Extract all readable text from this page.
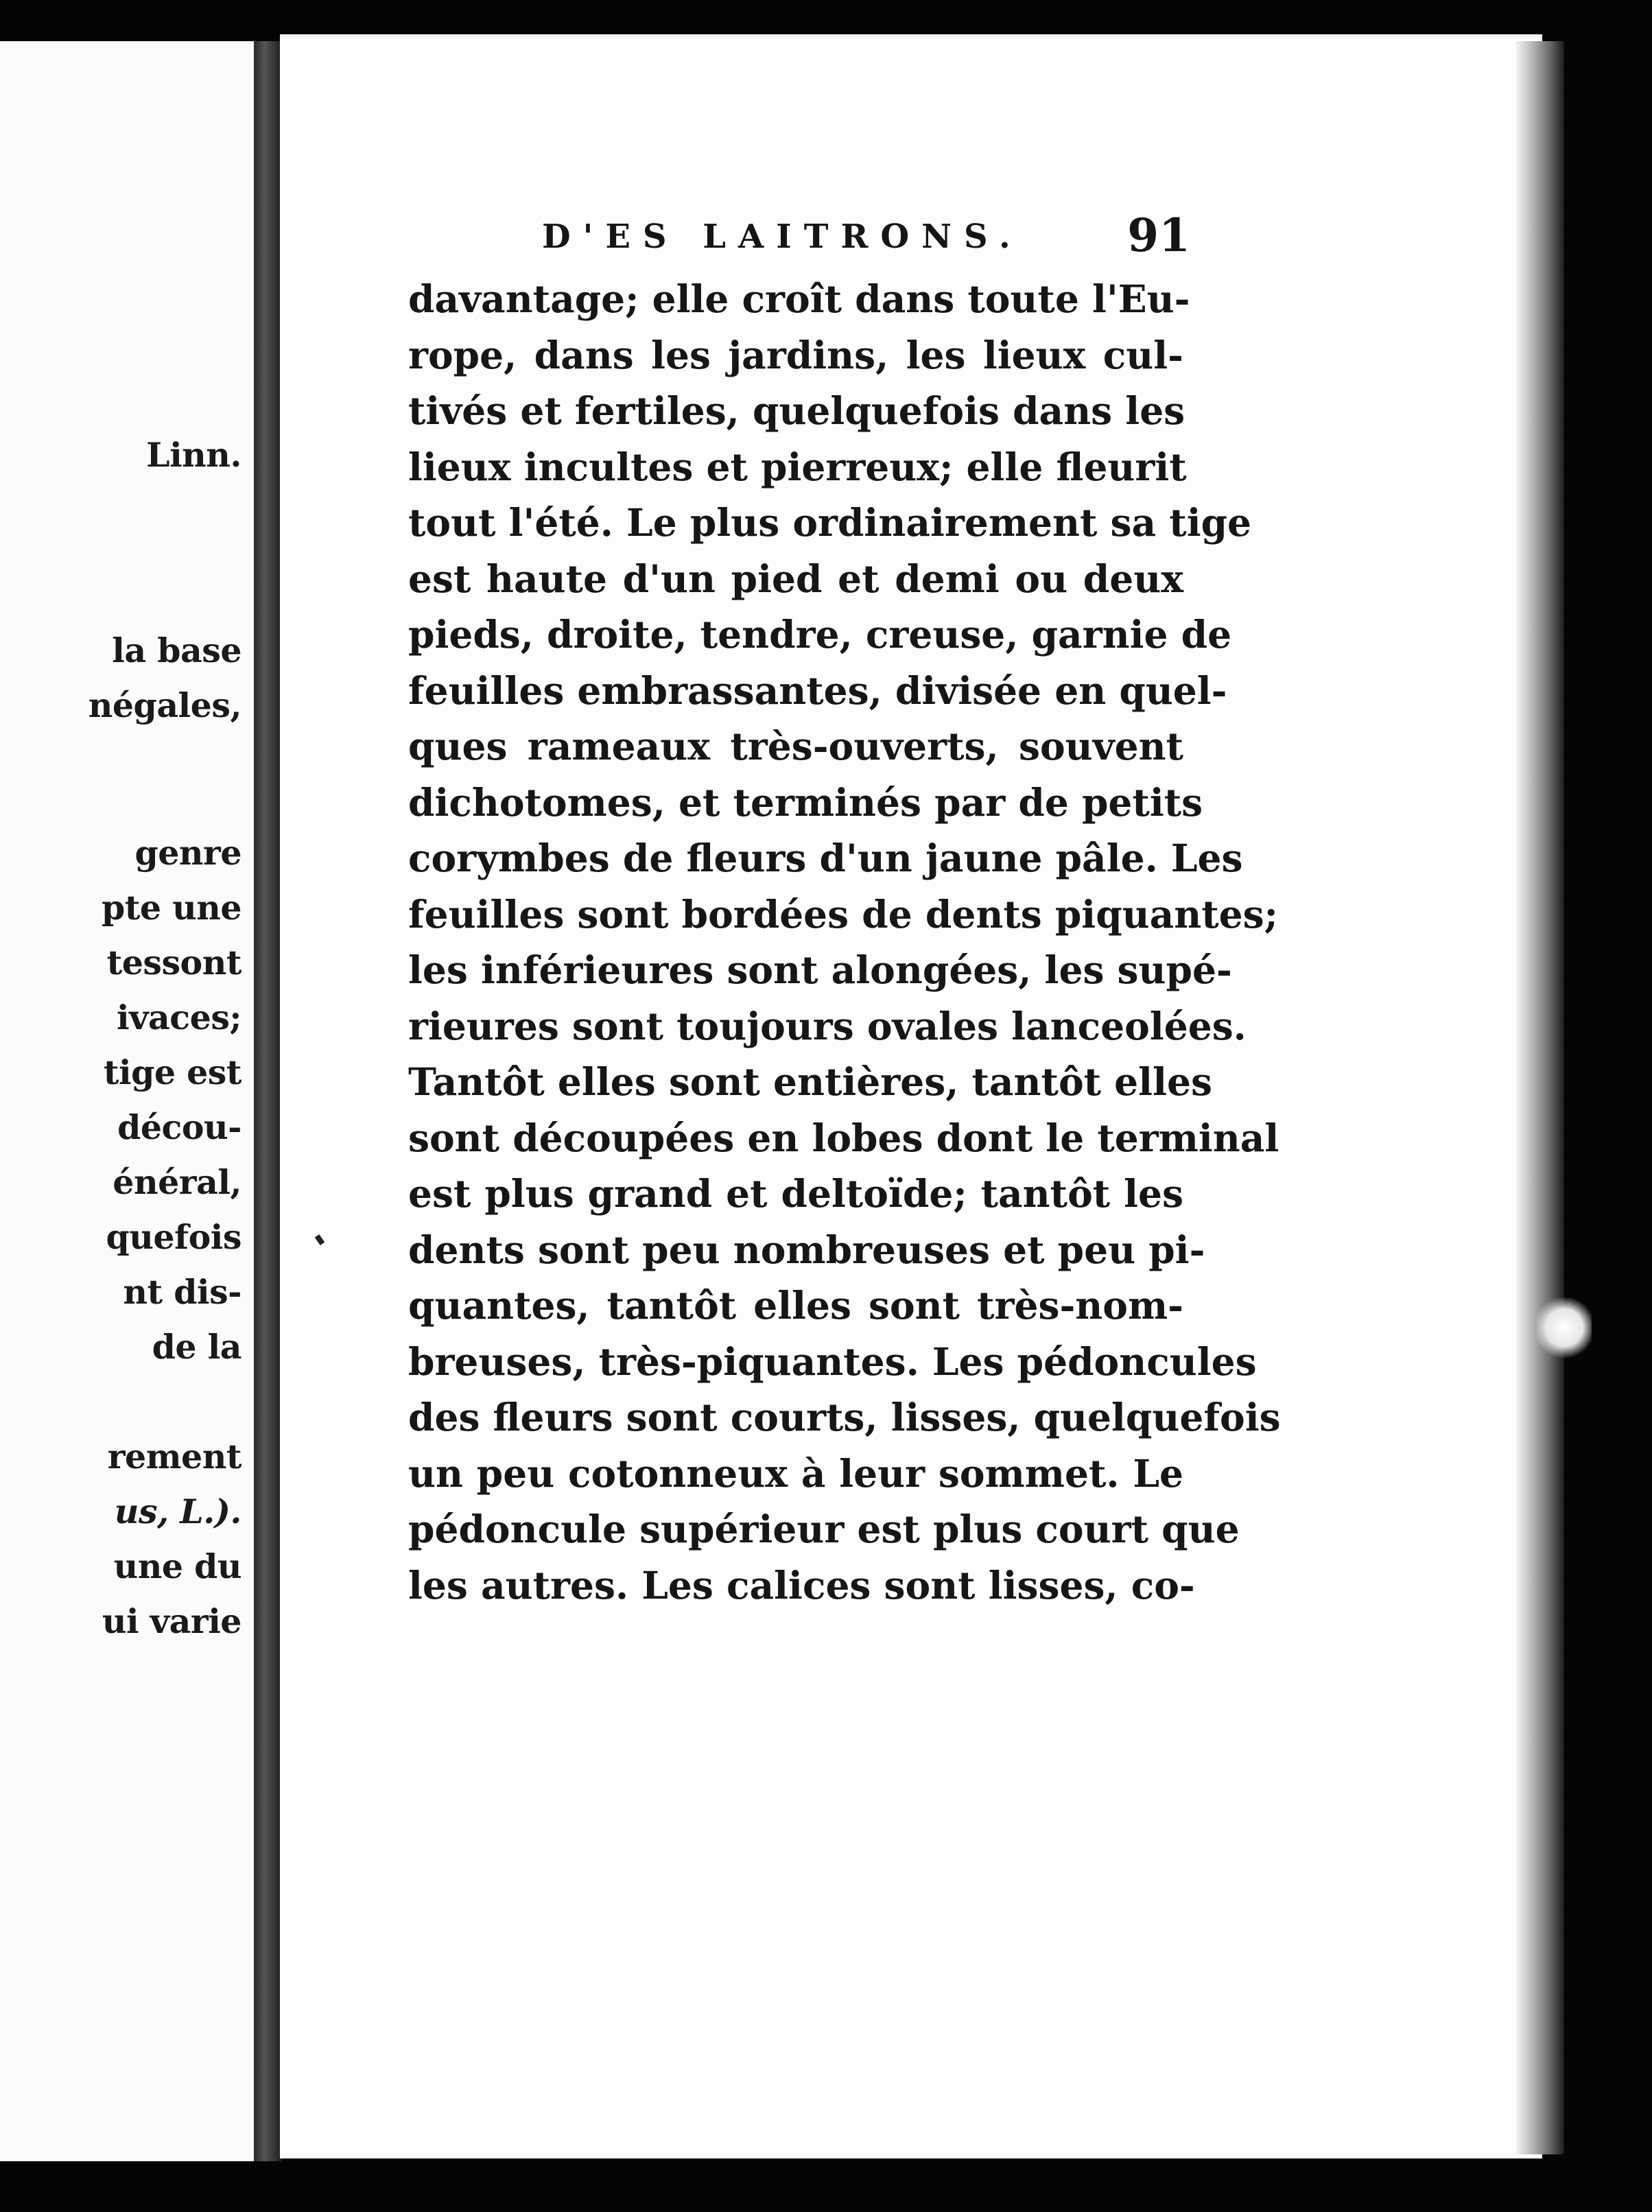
Linn.
la base
négales,
genre
pte une
tessont
ivaces;
tige est
décou-
énéral,
quefois
nt dis-
de la
rement
us, L.).
une du
ui varie
D'ES LAITRONS. 91
davantage; elle croît dans toute l'Eu-
rope, dans les jardins, les lieux cul-
tivés et fertiles, quelquefois dans les
lieux incultes et pierreux; elle fleurit
tout l'été. Le plus ordinairement sa tige
est haute d'un pied et demi ou deux
pieds, droite, tendre, creuse, garnie de
feuilles embrassantes, divisée en quel-
ques rameaux très-ouverts, souvent
dichotomes, et terminés par de petits
corymbes de fleurs d'un jaune pâle. Les
feuilles sont bordées de dents piquantes;
les inférieures sont alongées, les supé-
rieures sont toujours ovales lanceolées.
Tantôt elles sont entières, tantôt elles
sont découpées en lobes dont le terminal
est plus grand et deltoïde; tantôt les
dents sont peu nombreuses et peu pi-
quantes, tantôt elles sont très-nom-
breuses, très-piquantes. Les pédoncules
des fleurs sont courts, lisses, quelquefois
un peu cotonneux à leur sommet. Le
pédoncule supérieur est plus court que
les autres. Les calices sont lisses, co-
